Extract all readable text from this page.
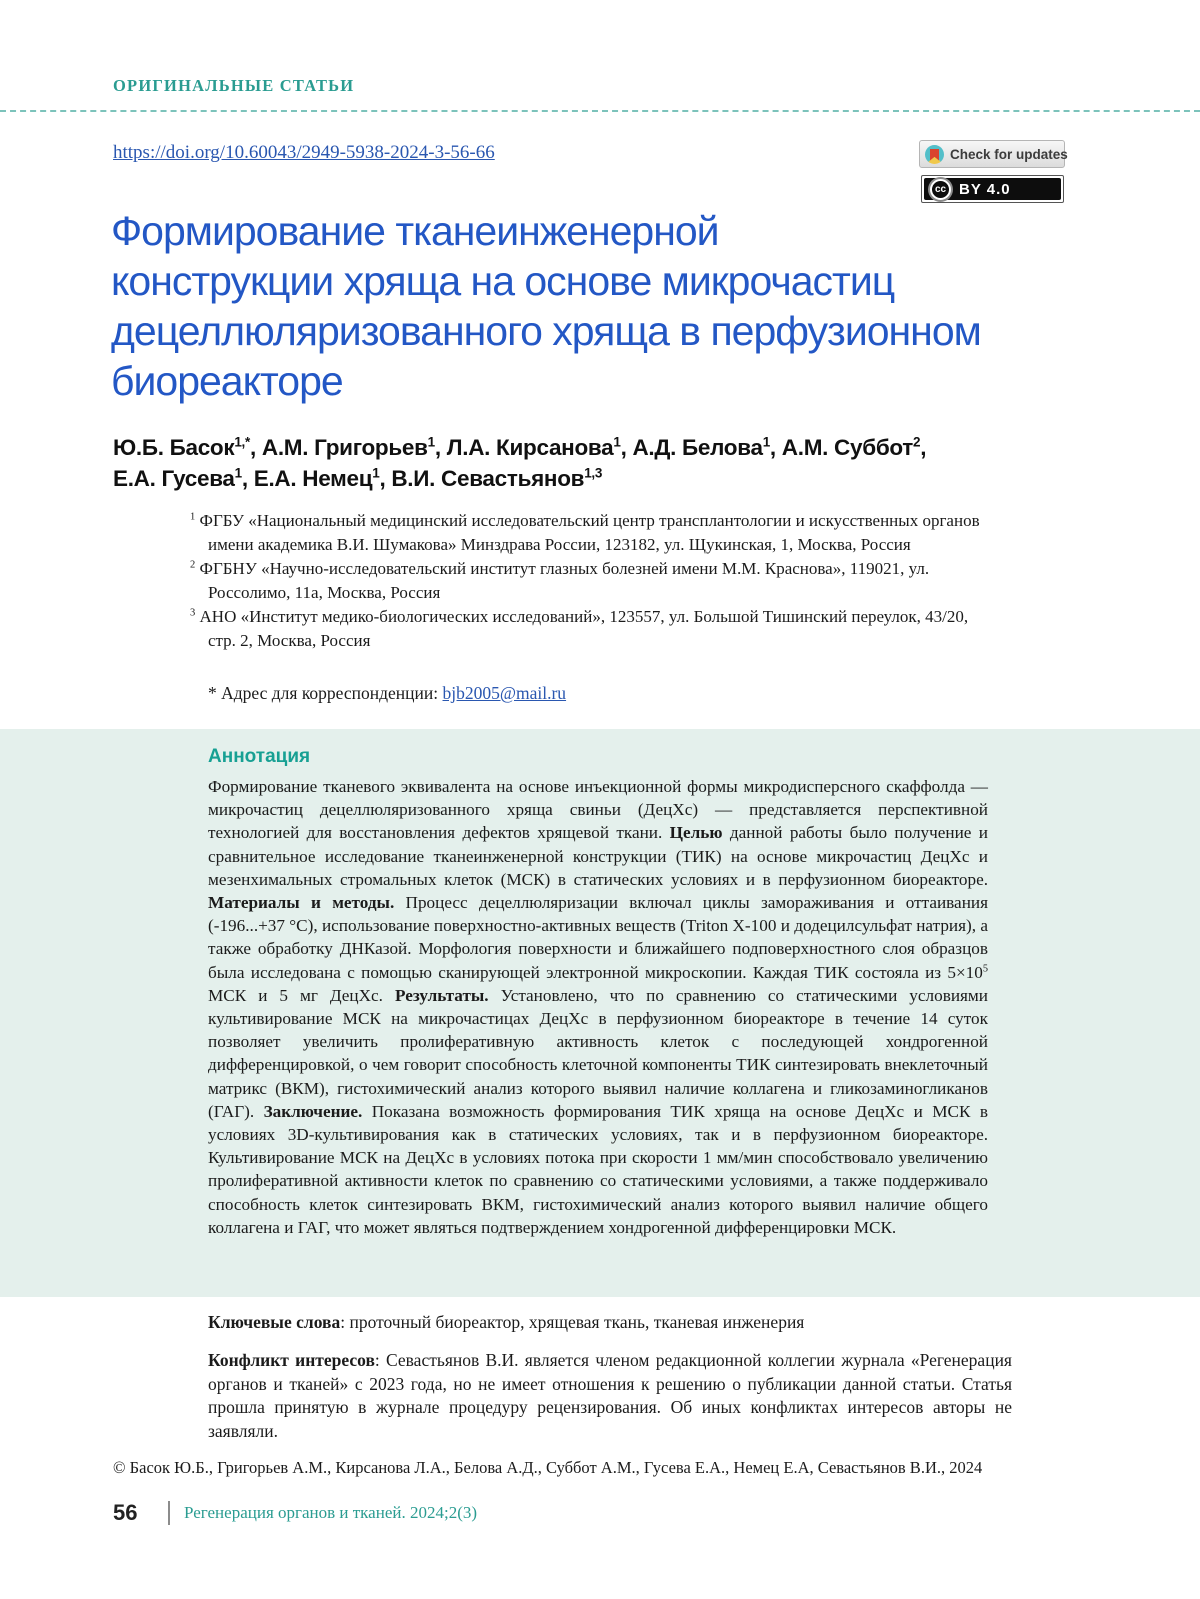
ОРИГИНАЛЬНЫЕ СТАТЬИ
https://doi.org/10.60043/2949-5938-2024-3-56-66	Check for updates
cc BY 4.0
Формирование тканеинженерной
конструкции хряща на основе микрочастиц
децеллюляризованного хряща в перфузионном
биореакторе
Ю.Б. Басок$^{1,*}$, А.М. Григорьев$^1$, Л.А. Кирсанова$^1$, А.Д. Белова$^1$, А.М. Суббот$^2$,
Е.А. Гусева$^1$, Е.А. Немец$^1$, В.И. Севастьянов$^{1,3}$
$^1$ ФГБУ «Национальный медицинский исследовательский центр трансплантологии и искусственных органов имени академика В.И. Шумакова» Минздрава России, 123182, ул. Щукинская, 1, Москва, Россия
$^2$ ФГБНУ «Научно-исследовательский институт глазных болезней имени М.М. Краснова», 119021, ул. Россолимо, 11а, Москва, Россия
$^3$ АНО «Институт медико-биологических исследований», 123557, ул. Большой Тишинский переулок, 43/20, стр. 2, Москва, Россия
* Адрес для корреспонденции: bjb2005@mail.ru
Аннотация
Формирование тканевого эквивалента на основе инъекционной формы микродисперсного скаффолда — микрочастиц децеллюляризованного хряща свиньи (ДецХс) — представляется перспективной технологией для восстановления дефектов хрящевой ткани. Целью данной работы было получение и сравнительное исследование тканеинженерной конструкции (ТИК) на основе микрочастиц ДецХс и мезенхимальных стромальных клеток (МСК) в статических условиях и в перфузионном биореакторе. Материалы и методы. Процесс децеллюляризации включал циклы замораживания и оттаивания (-196...+37 °С), использование поверхностно-активных веществ (Triton X-100 и додецилсульфат натрия), а также обработку ДНКазой. Морфология поверхности и ближайшего подповерхностного слоя образцов была исследована с помощью сканирующей электронной микроскопии. Каждая ТИК состояла из $5\times 10^5$ МСК и 5 мг ДецХс. Результаты. Установлено, что по сравнению со статическими условиями культивирование МСК на микрочастицах ДецХс в перфузионном биореакторе в течение 14 суток позволяет увеличить пролиферативную активность клеток с последующей хондрогенной дифференцировкой, о чем говорит способность клеточной компоненты ТИК синтезировать внеклеточный матрикс (ВКМ), гистохимический анализ которого выявил наличие коллагена и гликозаминогликанов (ГАГ). Заключение. Показана возможность формирования ТИК хряща на основе ДецХс и МСК в условиях 3D-культивирования как в статических условиях, так и в перфузионном биореакторе. Культивирование МСК на ДецХс в условиях потока при скорости 1 мм/мин способствовало увеличению пролиферативной активности клеток по сравнению со статическими условиями, а также поддерживало способность клеток синтезировать ВКМ, гистохимический анализ которого выявил наличие общего коллагена и ГАГ, что может являться подтверждением хондрогенной дифференцировки МСК.
Ключевые слова: проточный биореактор, хрящевая ткань, тканевая инженерия
Конфликт интересов: Севастьянов В.И. является членом редакционной коллегии журнала «Регенерация органов и тканей» с 2023 года, но не имеет отношения к решению о публикации данной статьи. Статья прошла принятую в журнале процедуру рецензирования. Об иных конфликтах интересов авторы не заявляли.
© Басок Ю.Б., Григорьев А.М., Кирсанова Л.А., Белова А.Д., Суббот А.М., Гусева Е.А., Немец Е.А, Севастьянов В.И., 2024
56	Регенерация органов и тканей. 2024;2(3)
